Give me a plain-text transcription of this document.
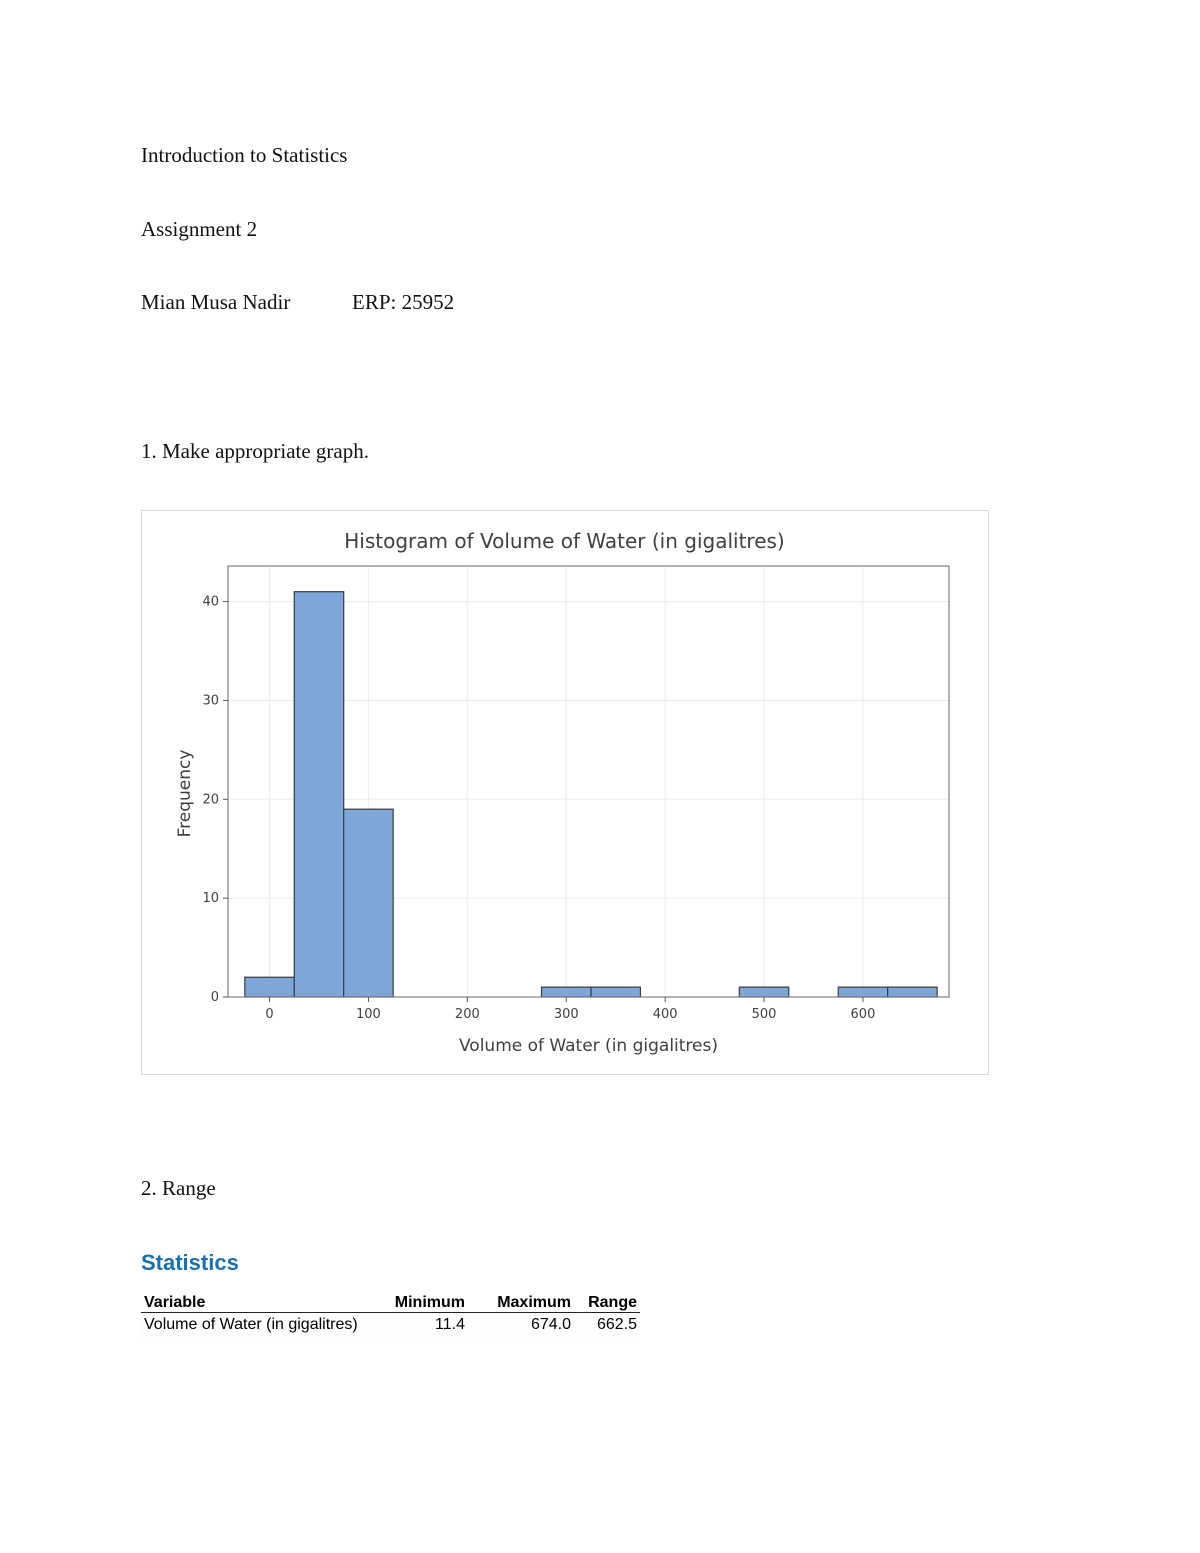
Introduction to Statistics
Assignment 2
Mian Musa Nadir	ERP: 25952
1. Make appropriate graph.
0	100	200	300	400	500	600
0
10
20
30
40
Histogram of Volume of Water (in gigalitres)
Volume of Water (in gigalitres)
Frequency
2. Range
Statistics
Variable	Minimum	Maximum	Range
Volume of Water (in gigalitres)	11.4	674.0	662.5
